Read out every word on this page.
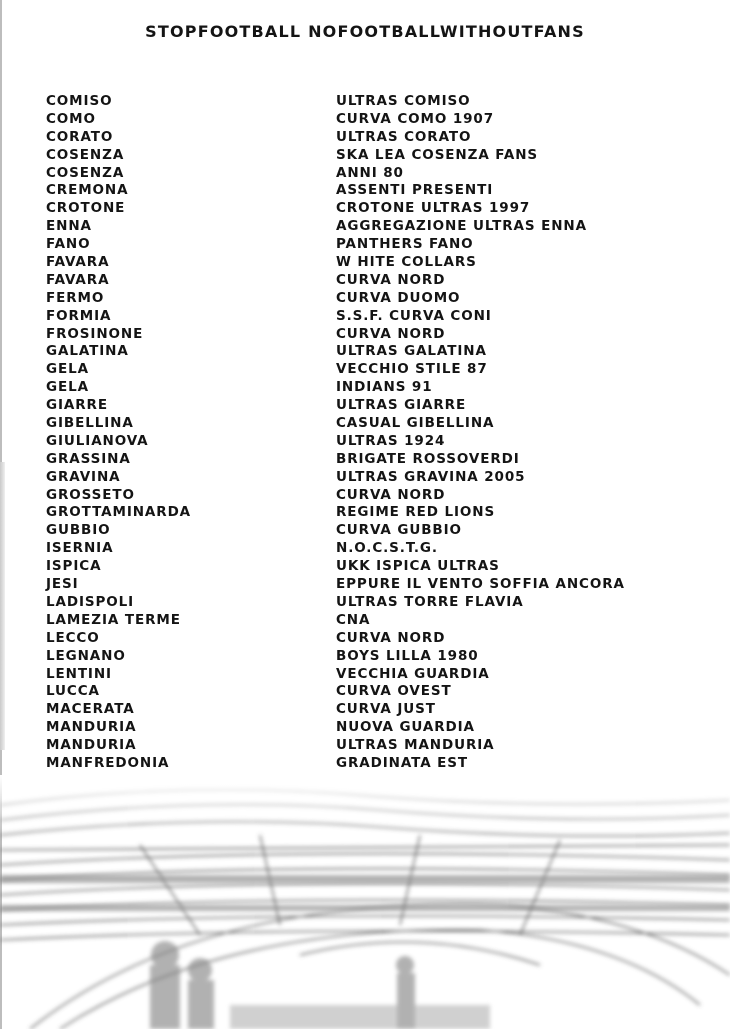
STOPFOOTBALL NOFOOTBALLWITHOUTFANS
COMISO	ULTRAS COMISO
COMO	CURVA COMO 1907
CORATO	ULTRAS CORATO
COSENZA	SKA LEA COSENZA FANS
COSENZA	ANNI 80
CREMONA	ASSENTI PRESENTI
CROTONE	CROTONE ULTRAS 1997
ENNA	AGGREGAZIONE ULTRAS ENNA
FANO	PANTHERS FANO
FAVARA	W HITE COLLARS
FAVARA	CURVA NORD
FERMO	CURVA DUOMO
FORMIA	S.S.F. CURVA CONI
FROSINONE	CURVA NORD
GALATINA	ULTRAS GALATINA
GELA	VECCHIO STILE 87
GELA	INDIANS 91
GIARRE	ULTRAS GIARRE
GIBELLINA	CASUAL GIBELLINA
GIULIANOVA	ULTRAS 1924
GRASSINA	BRIGATE ROSSOVERDI
GRAVINA	ULTRAS GRAVINA 2005
GROSSETO	CURVA NORD
GROTTAMINARDA	REGIME RED LIONS
GUBBIO	CURVA GUBBIO
ISERNIA	N.O.C.S.T.G.
ISPICA	UKK ISPICA ULTRAS
JESI	EPPURE IL VENTO SOFFIA ANCORA
LADISPOLI	ULTRAS TORRE FLAVIA
LAMEZIA TERME	CNA
LECCO	CURVA NORD
LEGNANO	BOYS LILLA 1980
LENTINI	VECCHIA GUARDIA
LUCCA	CURVA OVEST
MACERATA	CURVA JUST
MANDURIA	NUOVA GUARDIA
MANDURIA	ULTRAS MANDURIA
MANFREDONIA	GRADINATA EST
